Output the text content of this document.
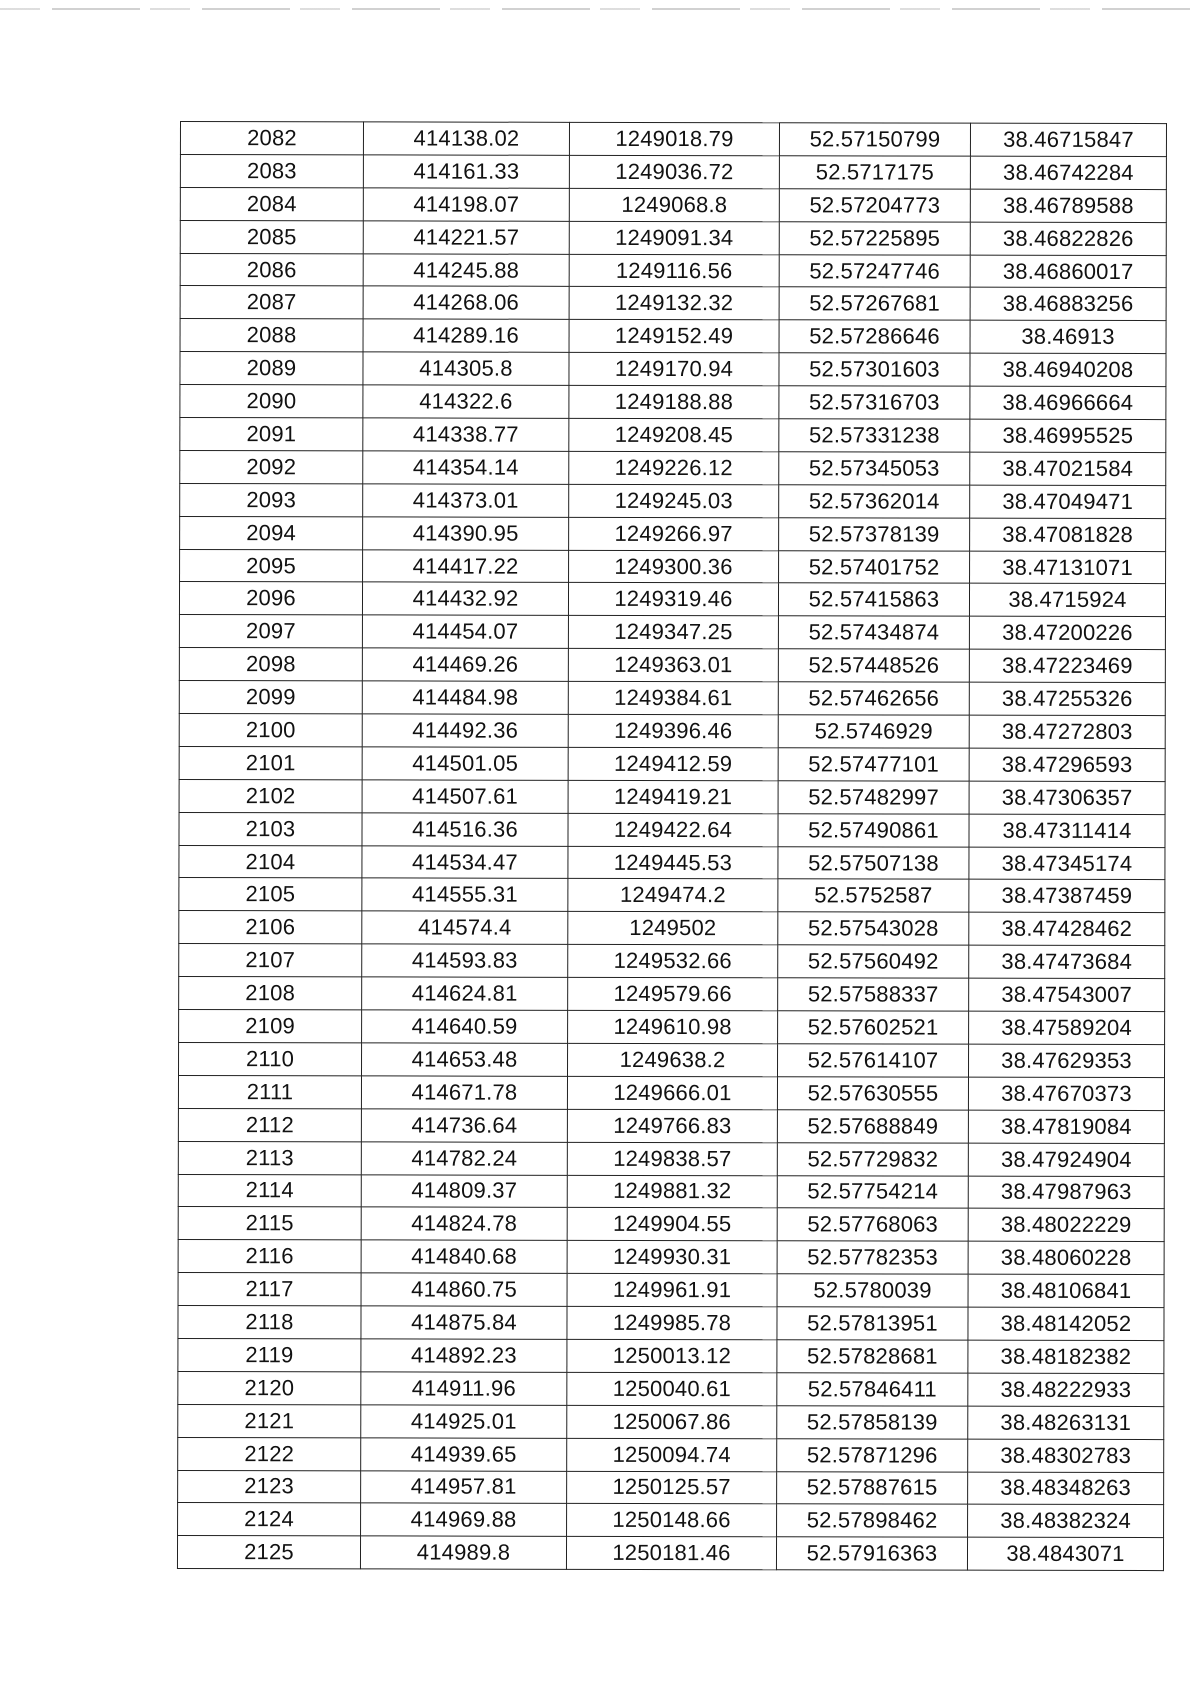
2082	414138.02	1249018.79	52.57150799	38.46715847
2083	414161.33	1249036.72	52.5717175	38.46742284
2084	414198.07	1249068.8	52.57204773	38.46789588
2085	414221.57	1249091.34	52.57225895	38.46822826
2086	414245.88	1249116.56	52.57247746	38.46860017
2087	414268.06	1249132.32	52.57267681	38.46883256
2088	414289.16	1249152.49	52.57286646	38.46913
2089	414305.8	1249170.94	52.57301603	38.46940208
2090	414322.6	1249188.88	52.57316703	38.46966664
2091	414338.77	1249208.45	52.57331238	38.46995525
2092	414354.14	1249226.12	52.57345053	38.47021584
2093	414373.01	1249245.03	52.57362014	38.47049471
2094	414390.95	1249266.97	52.57378139	38.47081828
2095	414417.22	1249300.36	52.57401752	38.47131071
2096	414432.92	1249319.46	52.57415863	38.4715924
2097	414454.07	1249347.25	52.57434874	38.47200226
2098	414469.26	1249363.01	52.57448526	38.47223469
2099	414484.98	1249384.61	52.57462656	38.47255326
2100	414492.36	1249396.46	52.5746929	38.47272803
2101	414501.05	1249412.59	52.57477101	38.47296593
2102	414507.61	1249419.21	52.57482997	38.47306357
2103	414516.36	1249422.64	52.57490861	38.47311414
2104	414534.47	1249445.53	52.57507138	38.47345174
2105	414555.31	1249474.2	52.5752587	38.47387459
2106	414574.4	1249502	52.57543028	38.47428462
2107	414593.83	1249532.66	52.57560492	38.47473684
2108	414624.81	1249579.66	52.57588337	38.47543007
2109	414640.59	1249610.98	52.57602521	38.47589204
2110	414653.48	1249638.2	52.57614107	38.47629353
2111	414671.78	1249666.01	52.57630555	38.47670373
2112	414736.64	1249766.83	52.57688849	38.47819084
2113	414782.24	1249838.57	52.57729832	38.47924904
2114	414809.37	1249881.32	52.57754214	38.47987963
2115	414824.78	1249904.55	52.57768063	38.48022229
2116	414840.68	1249930.31	52.57782353	38.48060228
2117	414860.75	1249961.91	52.5780039	38.48106841
2118	414875.84	1249985.78	52.57813951	38.48142052
2119	414892.23	1250013.12	52.57828681	38.48182382
2120	414911.96	1250040.61	52.57846411	38.48222933
2121	414925.01	1250067.86	52.57858139	38.48263131
2122	414939.65	1250094.74	52.57871296	38.48302783
2123	414957.81	1250125.57	52.57887615	38.48348263
2124	414969.88	1250148.66	52.57898462	38.48382324
2125	414989.8	1250181.46	52.57916363	38.4843071
